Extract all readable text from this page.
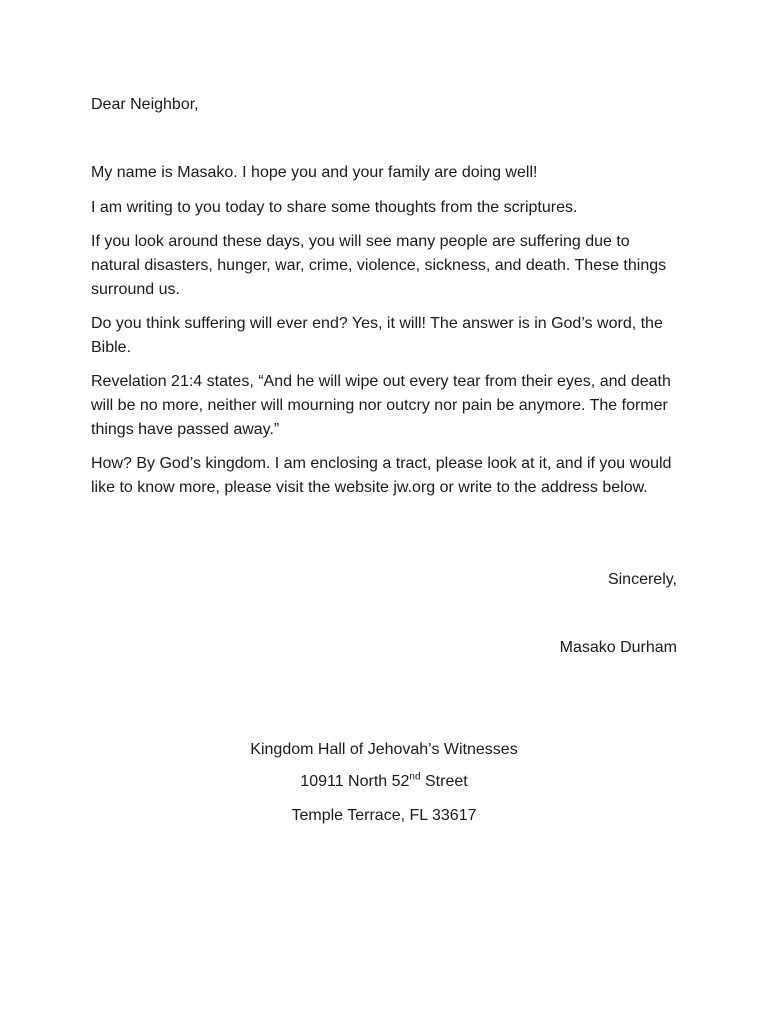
Dear Neighbor,

My name is Masako. I hope you and your family are doing well!

I am writing to you today to share some thoughts from the scriptures.

If you look around these days, you will see many people are suffering due to natural disasters, hunger, war, crime, violence, sickness, and death. These things surround us.

Do you think suffering will ever end? Yes, it will! The answer is in God’s word, the Bible.

Revelation 21:4 states, “And he will wipe out every tear from their eyes, and death will be no more, neither will mourning nor outcry nor pain be anymore. The former things have passed away.”

How? By God’s kingdom. I am enclosing a tract, please look at it, and if you would like to know more, please visit the website jw.org or write to the address below.

Sincerely,

Masako Durham

Kingdom Hall of Jehovah’s Witnesses

10911 North 52nd Street

Temple Terrace, FL 33617
